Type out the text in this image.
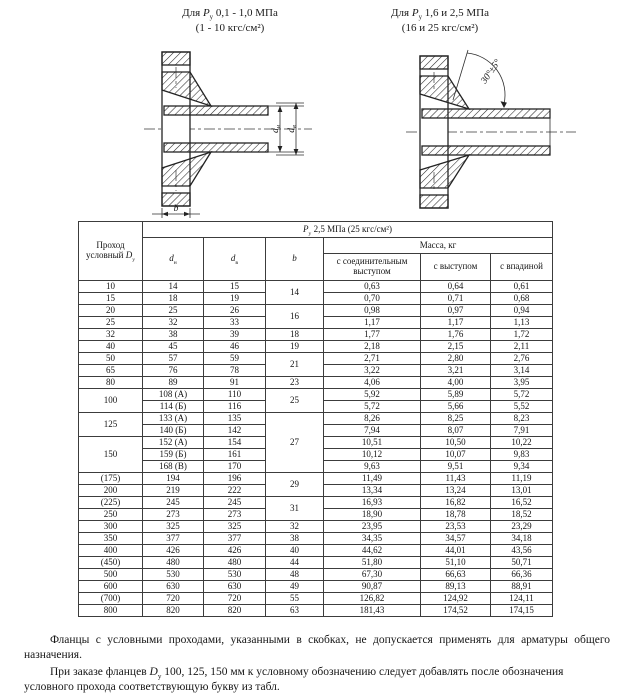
Для $P_у$ 0,1 - 1,0 МПа
(1 - 10 кгс/см²)
Для $P_у$ 1,6 и 2,5 МПа
(16 и 25 кгс/см²)
$d_н$
$d_в$
b
30°±5°
Проход
условный $D_у$	$P_у$ 2,5 МПа (25 кгс/см²)					
	$d_н$	$d_в$	b	Масса, кг		
				с соединительным выступом	с выступом	с впадиной
10	14	15	14	0,63	0,64	0,61
15	18	19		0,70	0,71	0,68
20	25	26	16	0,98	0,97	0,94
25	32	33		1,17	1,17	1,13
32	38	39	18	1,77	1,76	1,72
40	45	46	19	2,18	2,15	2,11
50	57	59	21	2,71	2,80	2,76
65	76	78		3,22	3,21	3,14
80	89	91	23	4,06	4,00	3,95
100	108 (А)	110	25	5,92	5,89	5,72
	114 (Б)	116		5,72	5,66	5,52
125	133 (А)	135	27	8,26	8,25	8,23
	140 (Б)	142		7,94	8,07	7,91
150	152 (А)	154		10,51	10,50	10,22
	159 (Б)	161		10,12	10,07	9,83
	168 (В)	170		9,63	9,51	9,34
(175)	194	196	29	11,49	11,43	11,19
200	219	222		13,34	13,24	13,01
(225)	245	245	31	16,93	16,82	16,52
250	273	273		18,90	18,78	18,52
300	325	325	32	23,95	23,53	23,29
350	377	377	38	34,35	34,57	34,18
400	426	426	40	44,62	44,01	43,56
(450)	480	480	44	51,80	51,10	50,71
500	530	530	48	67,30	66,63	66,36
600	630	630	49	90,87	89,13	88,91
(700)	720	720	55	126,82	124,92	124,11
800	820	820	63	181,43	174,52	174,15

Фланцы с условными проходами, указанными в скобках, не допускается применять для арматуры общего назначения.

При заказе фланцев $D_у$ 100, 125, 150 мм к условному обозначению следует добавлять после обозначения условного прохода соответствующую букву из табл.
